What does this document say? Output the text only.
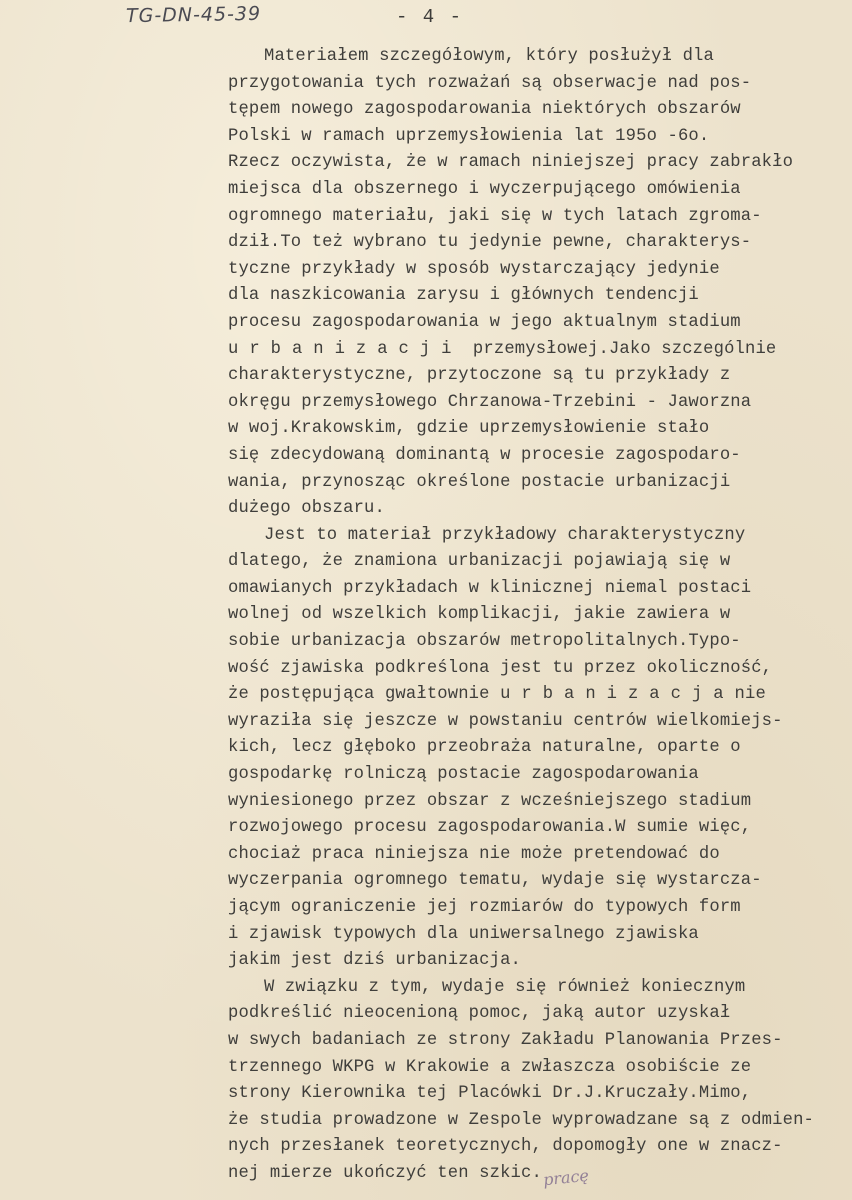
TG-DN-45-39	- 4 -
Materiałem szczegółowym, który posłużył dla
przygotowania tych rozważań są obserwacje nad pos-
tępem nowego zagospodarowania niektórych obszarów
Polski w ramach uprzemysłowienia lat 195o -6o.
Rzecz oczywista, że w ramach niniejszej pracy zabrakło
miejsca dla obszernego i wyczerpującego omówienia
ogromnego materiału, jaki się w tych latach zgroma-
dził.To też wybrano tu jedynie pewne, charakterys-
tyczne przykłady w sposób wystarczający jedynie
dla naszkicowania zarysu i głównych tendencji
procesu zagospodarowania w jego aktualnym stadium
urbanizacji przemysłowej.Jako szczególnie
charakterystyczne, przytoczone są tu przykłady z
okręgu przemysłowego Chrzanowa-Trzebini - Jaworzna
w woj.Krakowskim, gdzie uprzemysłowienie stało
się zdecydowaną dominantą w procesie zagospodaro-
wania, przynosząc określone postacie urbanizacji
dużego obszaru.
Jest to materiał przykładowy charakterystyczny
dlatego, że znamiona urbanizacji pojawiają się w
omawianych przykładach w klinicznej niemal postaci
wolnej od wszelkich komplikacji, jakie zawiera w
sobie urbanizacja obszarów metropolitalnych.Typo-
wość zjawiska podkreślona jest tu przez okoliczność,
że postępująca gwałtownie urbanizacjanie
wyraziła się jeszcze w powstaniu centrów wielkomiejs-
kich, lecz głęboko przeobraża naturalne, oparte o
gospodarkę rolniczą postacie zagospodarowania
wyniesionego przez obszar z wcześniejszego stadium
rozwojowego procesu zagospodarowania.W sumie więc,
chociaż praca niniejsza nie może pretendować do
wyczerpania ogromnego tematu, wydaje się wystarcza-
jącym ograniczenie jej rozmiarów do typowych form
i zjawisk typowych dla uniwersalnego zjawiska
jakim jest dziś urbanizacja.
W związku z tym, wydaje się również koniecznym
podkreślić nieocenioną pomoc, jaką autor uzyskał
w swych badaniach ze strony Zakładu Planowania Przes-
trzennego WKPG w Krakowie a zwłaszcza osobiście ze
strony Kierownika tej Placówki Dr.J.Kruczały.Mimo,
że studia prowadzone w Zespole wyprowadzane są z odmien-
nych przesłanek teoretycznych, dopomogły one w znacz-
nej mierze ukończyć ten szkic. pracę
